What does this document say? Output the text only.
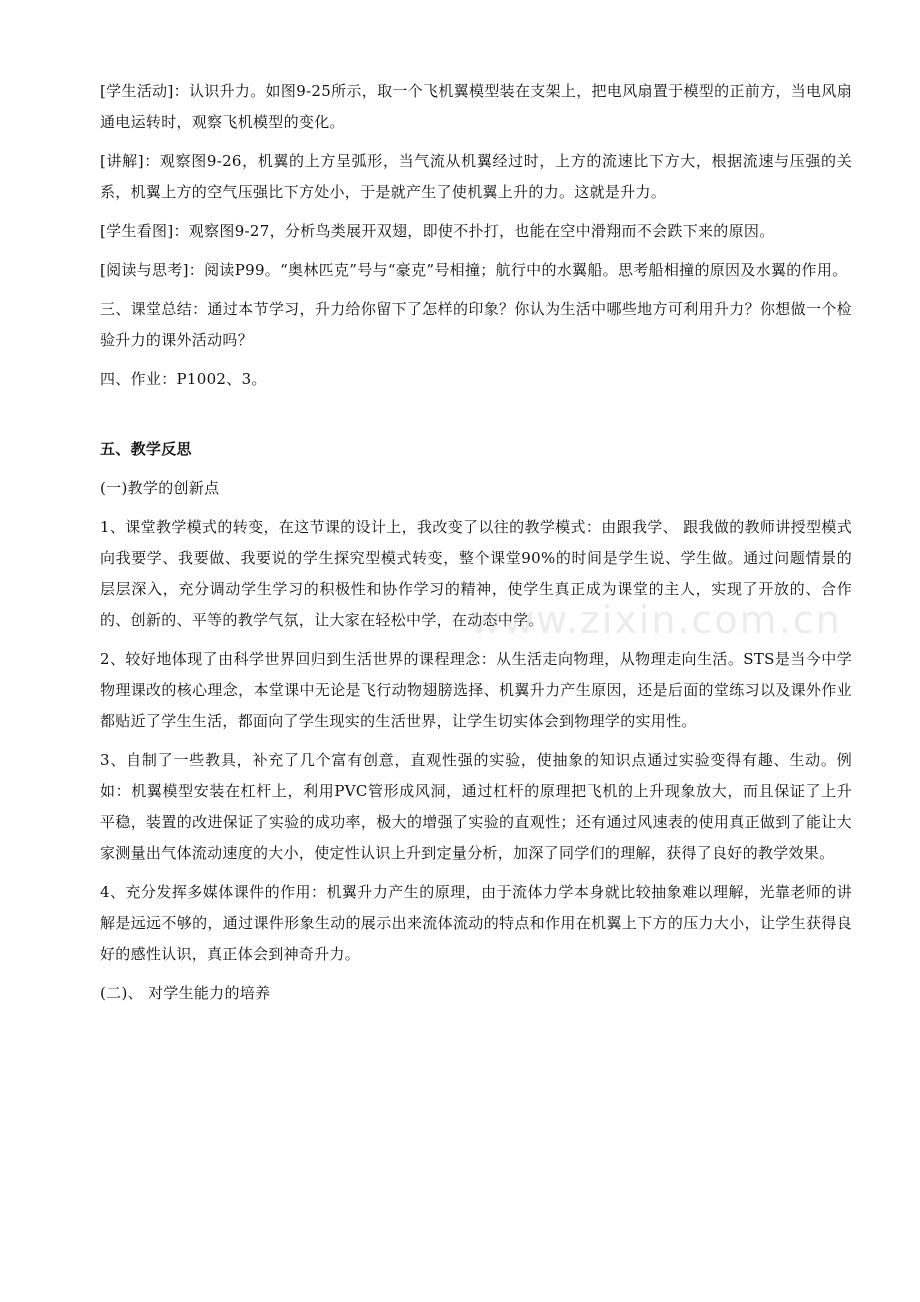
www.zixin.com.cn

[学生活动]：认识升力。如图9-25所示，取一个飞机翼模型装在支架上，把电风扇置于模型的正前方，当电风扇通电运转时，观察飞机模型的变化。

[讲解]：观察图9-26，机翼的上方呈弧形，当气流从机翼经过时，上方的流速比下方大，根据流速与压强的关系，机翼上方的空气压强比下方处小，于是就产生了使机翼上升的力。这就是升力。

[学生看图]：观察图9-27，分析鸟类展开双翅，即使不扑打，也能在空中滑翔而不会跌下来的原因。

[阅读与思考]：阅读P99。“奥林匹克”号与“豪克”号相撞；航行中的水翼船。思考船相撞的原因及水翼的作用。

三、课堂总结：通过本节学习，升力给你留下了怎样的印象？你认为生活中哪些地方可利用升力？你想做一个检验升力的课外活动吗？

四、作业：P1002、3。

五、教学反思

(一)教学的创新点

1、课堂教学模式的转变，在这节课的设计上，我改变了以往的教学模式：由跟我学、 跟我做的教师讲授型模式向我要学、我要做、我要说的学生探究型模式转变，整个课堂90%的时间是学生说、学生做。通过问题情景的层层深入，充分调动学生学习的积极性和协作学习的精神，使学生真正成为课堂的主人，实现了开放的、合作的、创新的、平等的教学气氛，让大家在轻松中学，在动态中学。

2、较好地体现了由科学世界回归到生活世界的课程理念：从生活走向物理，从物理走向生活。STS是当今中学物理课改的核心理念，本堂课中无论是飞行动物翅膀选择、机翼升力产生原因，还是后面的堂练习以及课外作业都贴近了学生生活，都面向了学生现实的生活世界，让学生切实体会到物理学的实用性。

3、自制了一些教具，补充了几个富有创意，直观性强的实验，使抽象的知识点通过实验变得有趣、生动。例如：机翼模型安装在杠杆上，利用PVC管形成风洞，通过杠杆的原理把飞机的上升现象放大，而且保证了上升平稳，装置的改进保证了实验的成功率，极大的增强了实验的直观性；还有通过风速表的使用真正做到了能让大家测量出气体流动速度的大小，使定性认识上升到定量分析，加深了同学们的理解，获得了良好的教学效果。

4、充分发挥多媒体课件的作用：机翼升力产生的原理，由于流体力学本身就比较抽象难以理解，光靠老师的讲解是远远不够的，通过课件形象生动的展示出来流体流动的特点和作用在机翼上下方的压力大小，让学生获得良好的感性认识，真正体会到神奇升力。

(二)、 对学生能力的培养
